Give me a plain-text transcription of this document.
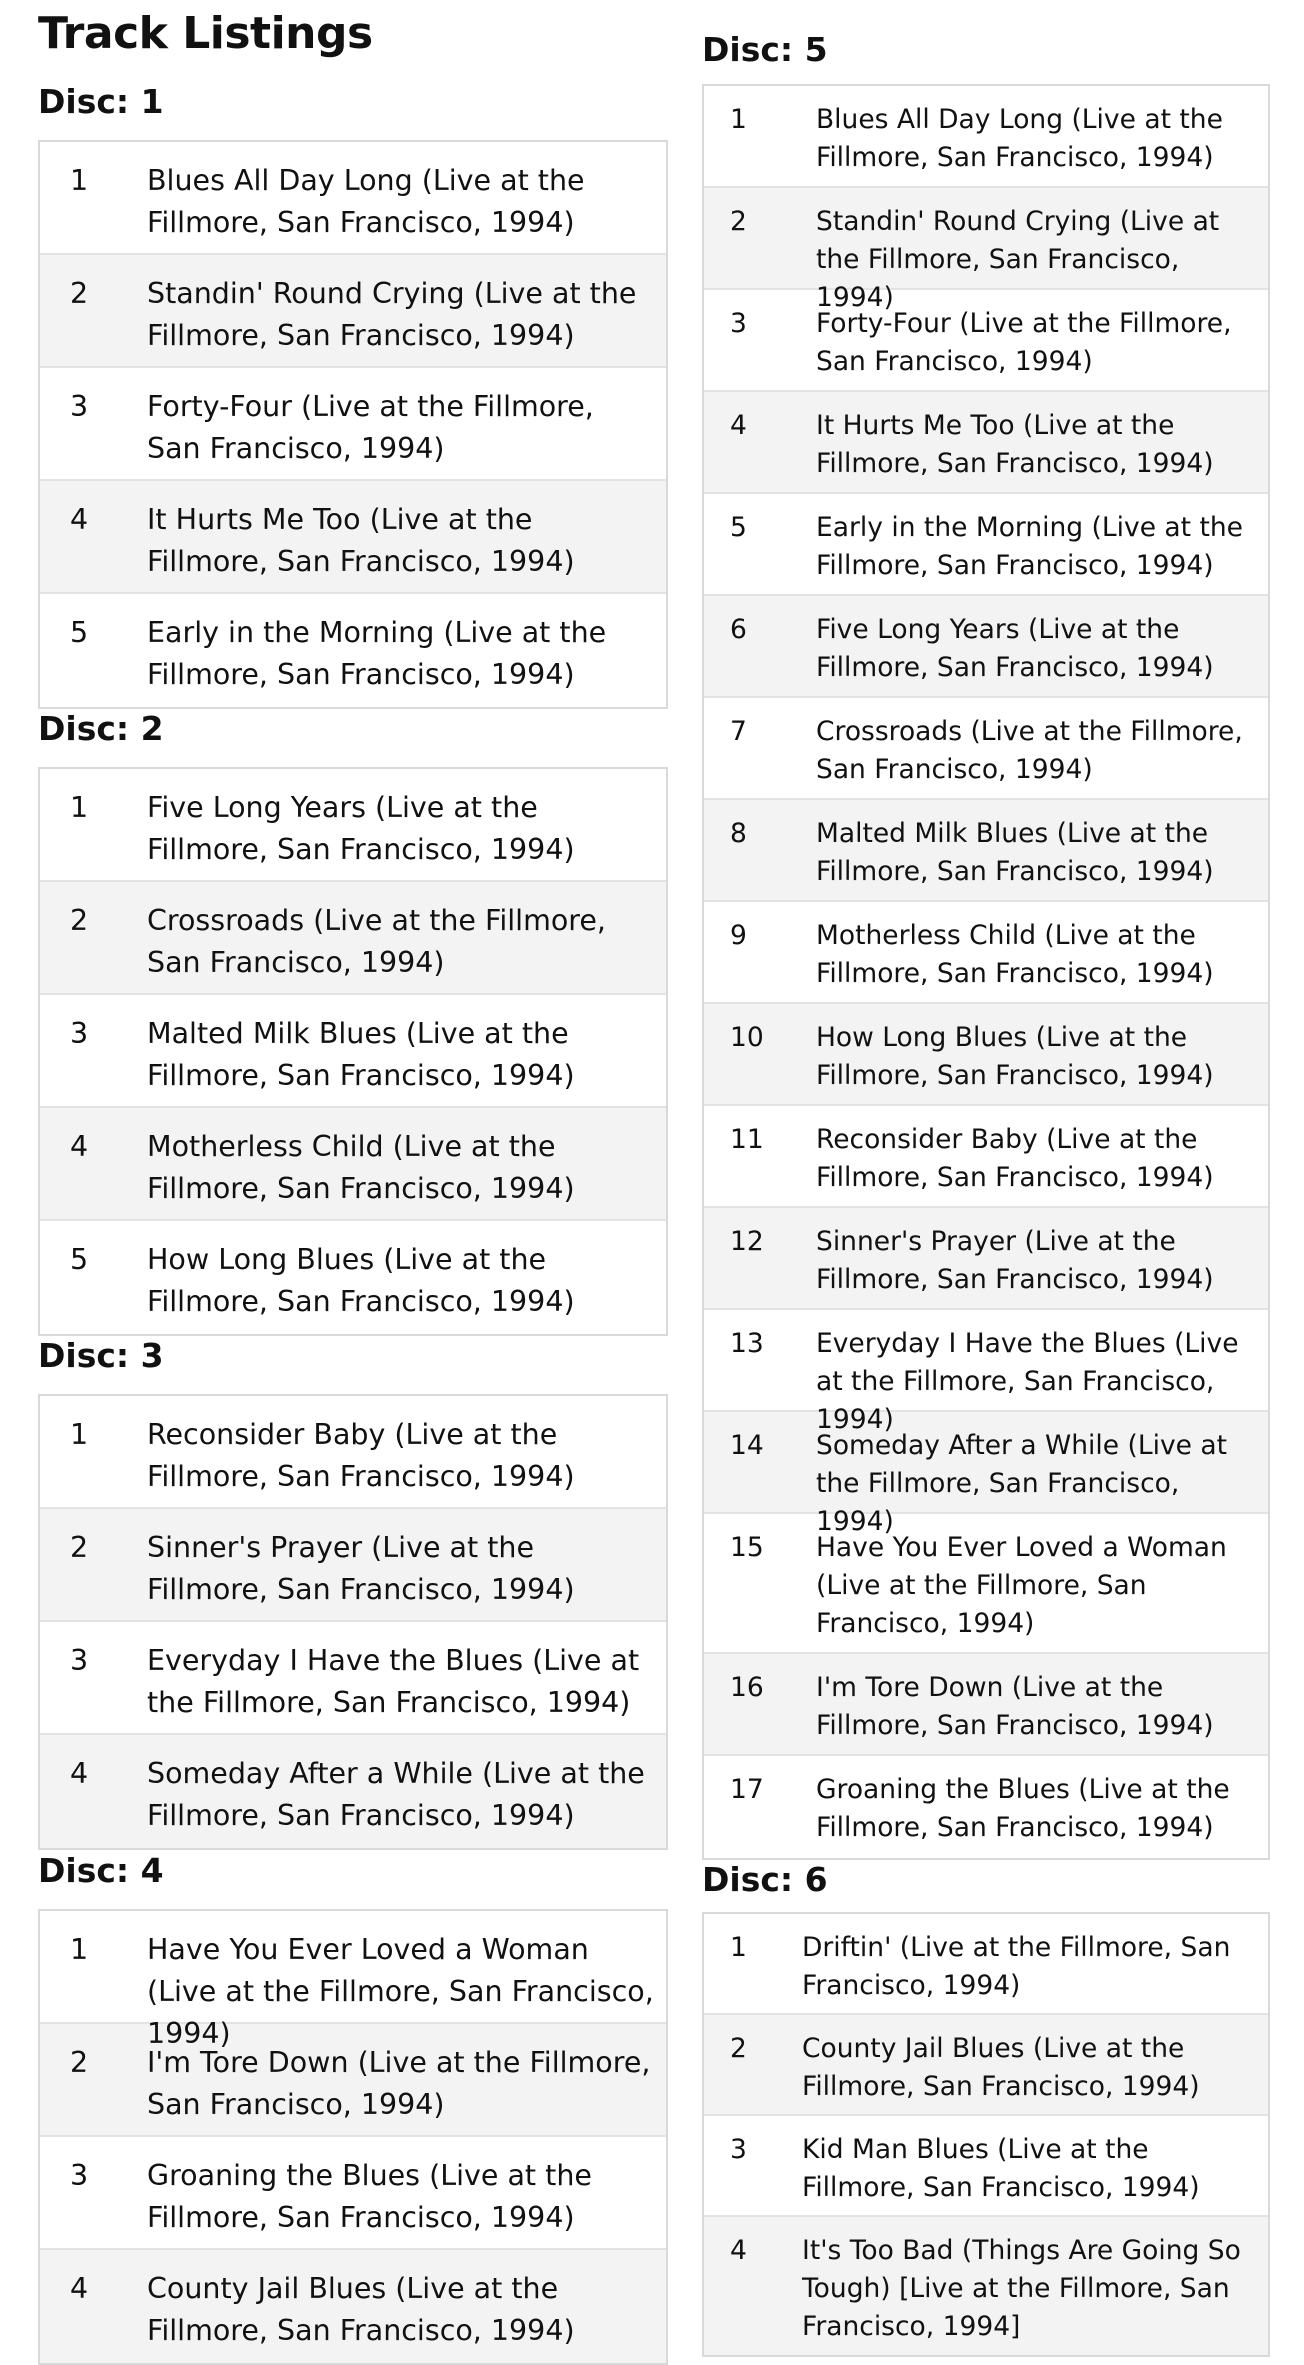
Track Listings
Disc: 1
1	Blues All Day Long (Live at the Fillmore, San Francisco, 1994)
2	Standin' Round Crying (Live at the Fillmore, San Francisco, 1994)
3	Forty-Four (Live at the Fillmore, San Francisco, 1994)
4	It Hurts Me Too (Live at the Fillmore, San Francisco, 1994)
5	Early in the Morning (Live at the Fillmore, San Francisco, 1994)
Disc: 2
1	Five Long Years (Live at the Fillmore, San Francisco, 1994)
2	Crossroads (Live at the Fillmore, San Francisco, 1994)
3	Malted Milk Blues (Live at the Fillmore, San Francisco, 1994)
4	Motherless Child (Live at the Fillmore, San Francisco, 1994)
5	How Long Blues (Live at the Fillmore, San Francisco, 1994)
Disc: 3
1	Reconsider Baby (Live at the Fillmore, San Francisco, 1994)
2	Sinner's Prayer (Live at the Fillmore, San Francisco, 1994)
3	Everyday I Have the Blues (Live at the Fillmore, San Francisco, 1994)
4	Someday After a While (Live at the Fillmore, San Francisco, 1994)
Disc: 4
1	Have You Ever Loved a Woman (Live at the Fillmore, San Francisco, 1994)
2	I'm Tore Down (Live at the Fillmore, San Francisco, 1994)
3	Groaning the Blues (Live at the Fillmore, San Francisco, 1994)
4	County Jail Blues (Live at the Fillmore, San Francisco, 1994)
Disc: 5
1	Blues All Day Long (Live at the Fillmore, San Francisco, 1994)
2	Standin' Round Crying (Live at the Fillmore, San Francisco, 1994)
3	Forty-Four (Live at the Fillmore, San Francisco, 1994)
4	It Hurts Me Too (Live at the Fillmore, San Francisco, 1994)
5	Early in the Morning (Live at the Fillmore, San Francisco, 1994)
6	Five Long Years (Live at the Fillmore, San Francisco, 1994)
7	Crossroads (Live at the Fillmore, San Francisco, 1994)
8	Malted Milk Blues (Live at the Fillmore, San Francisco, 1994)
9	Motherless Child (Live at the Fillmore, San Francisco, 1994)
10	How Long Blues (Live at the Fillmore, San Francisco, 1994)
11	Reconsider Baby (Live at the Fillmore, San Francisco, 1994)
12	Sinner's Prayer (Live at the Fillmore, San Francisco, 1994)
13	Everyday I Have the Blues (Live at the Fillmore, San Francisco, 1994)
14	Someday After a While (Live at the Fillmore, San Francisco, 1994)
15	Have You Ever Loved a Woman (Live at the Fillmore, San Francisco, 1994)
16	I'm Tore Down (Live at the Fillmore, San Francisco, 1994)
17	Groaning the Blues (Live at the Fillmore, San Francisco, 1994)
Disc: 6
1	Driftin' (Live at the Fillmore, San Francisco, 1994)
2	County Jail Blues (Live at the Fillmore, San Francisco, 1994)
3	Kid Man Blues (Live at the Fillmore, San Francisco, 1994)
4	It's Too Bad (Things Are Going So Tough) [Live at the Fillmore, San Francisco, 1994]
